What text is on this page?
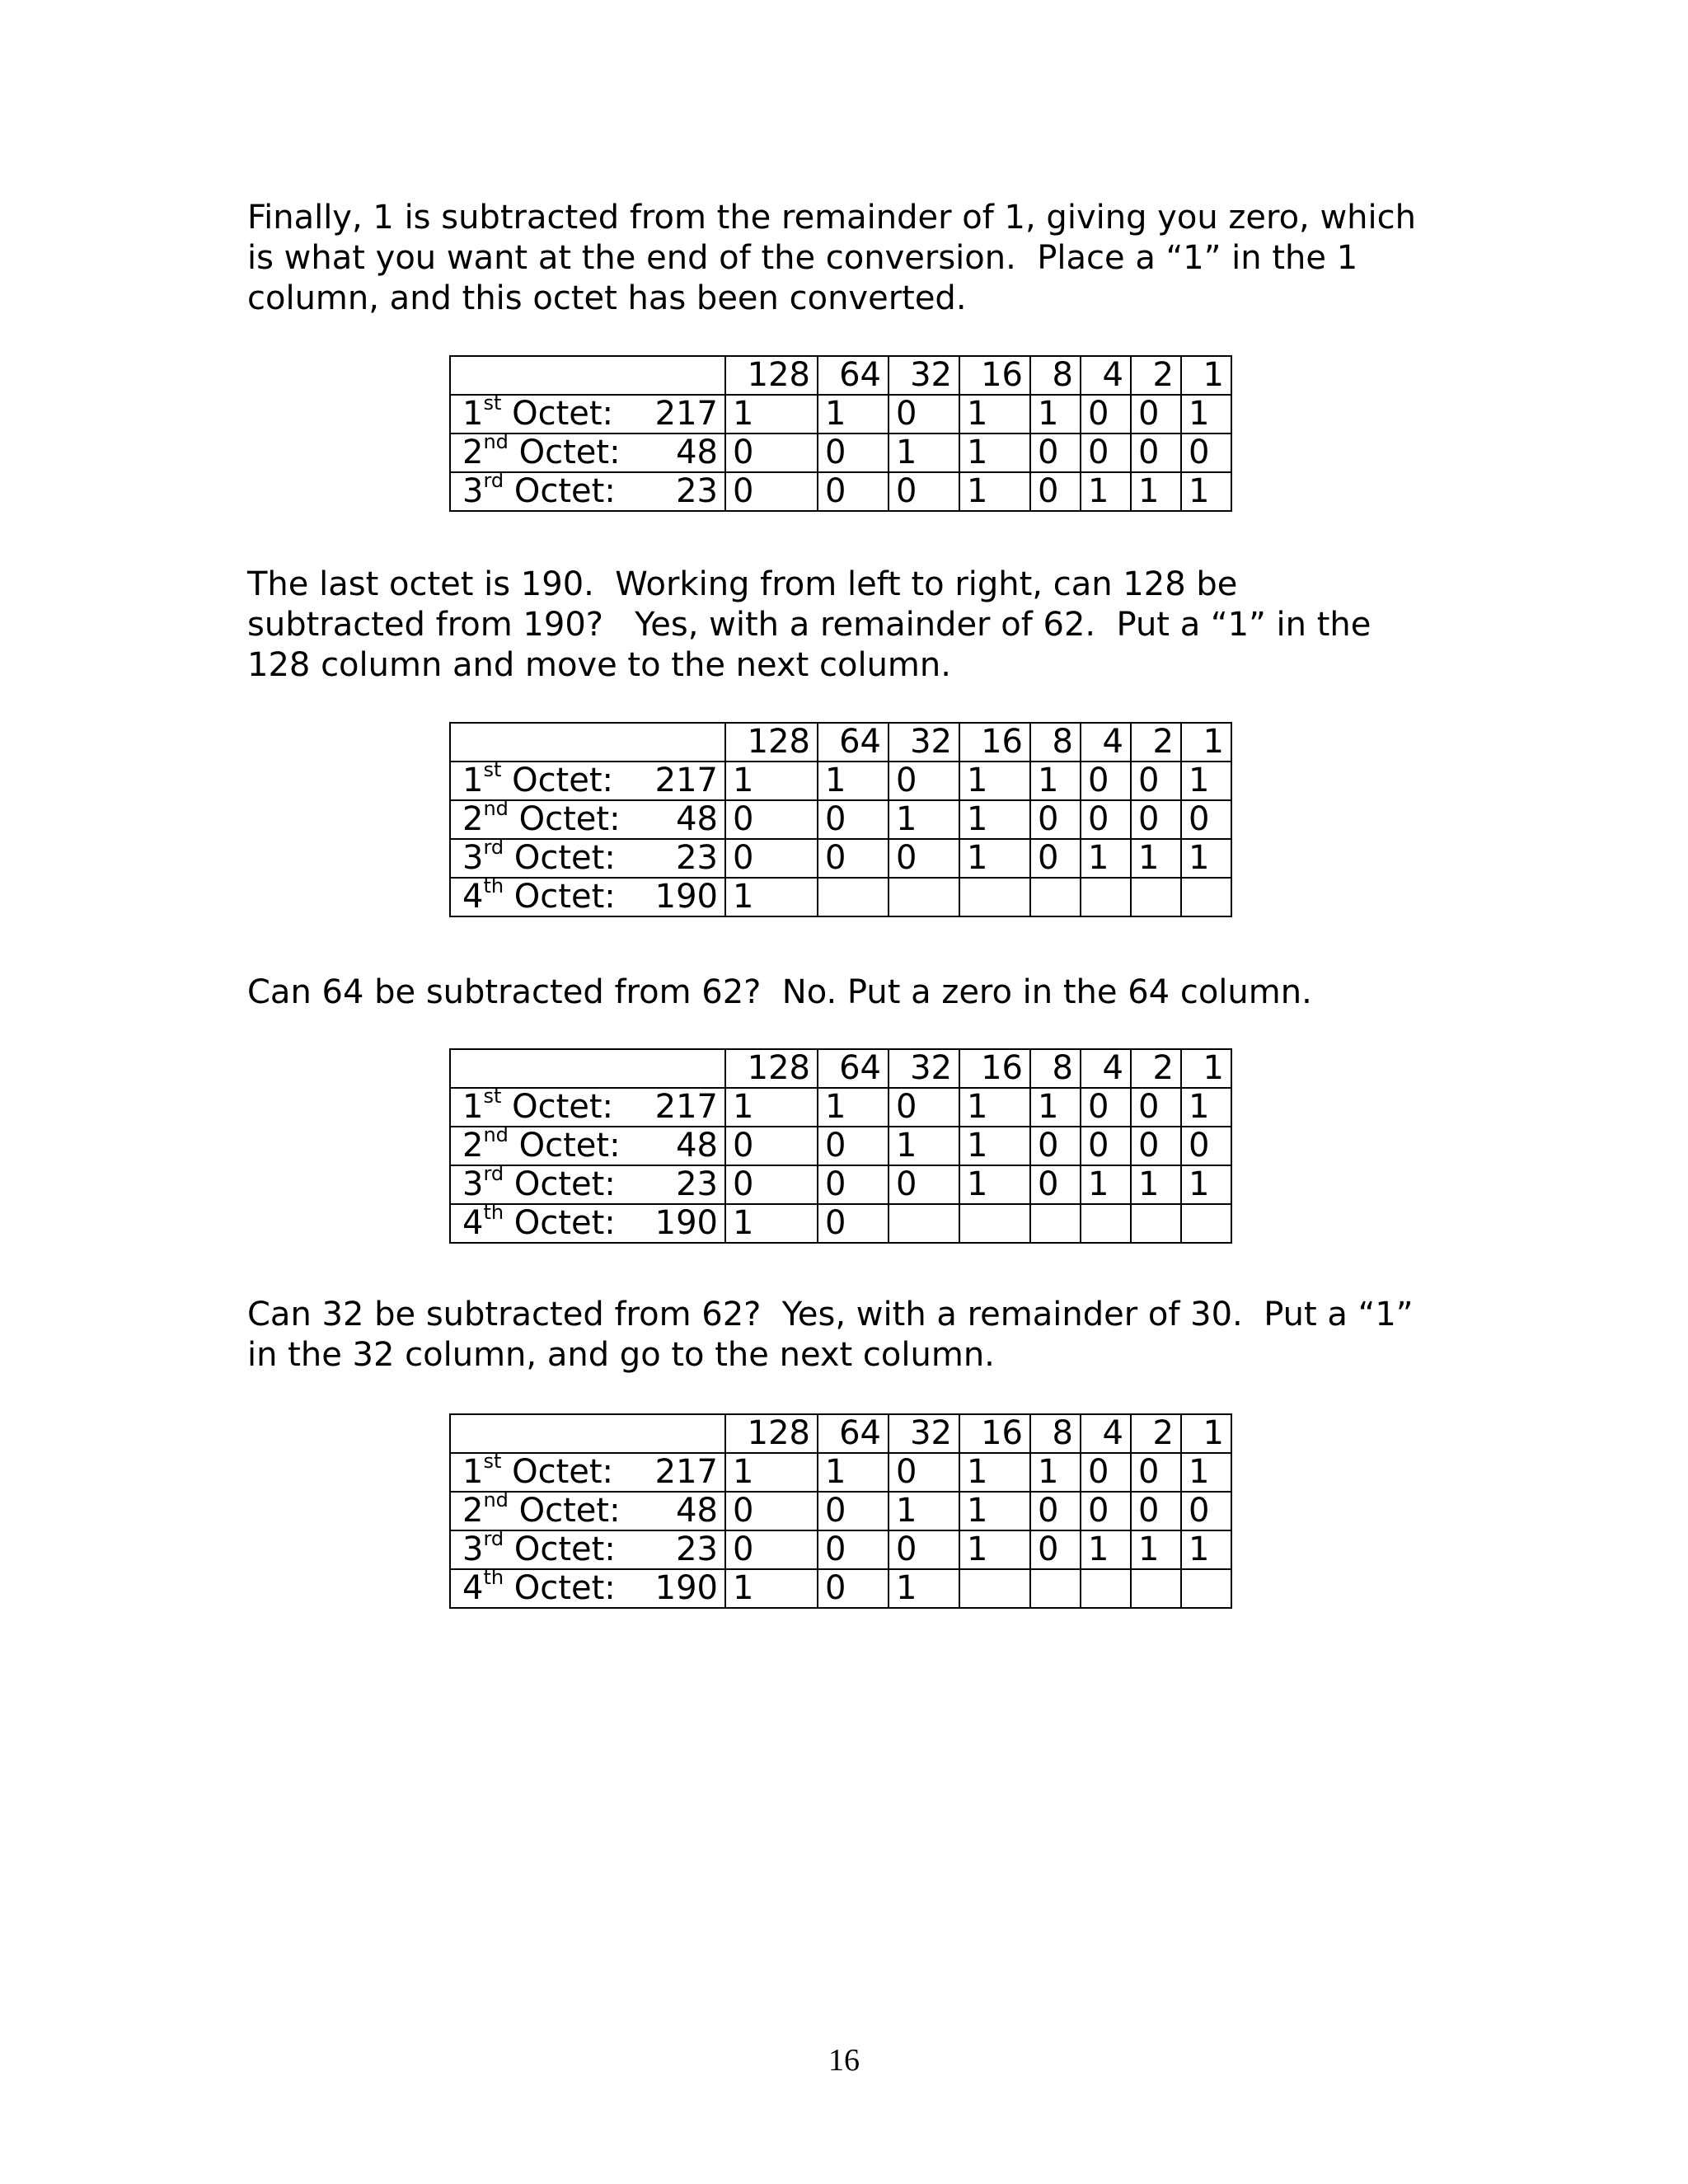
Finally, 1 is subtracted from the remainder of 1, giving you zero, which
is what you want at the end of the conversion.  Place a “1” in the 1
column, and this octet has been converted.

	128	64	32	16	8	4	2	1
1st Octet: 217	1	1	0	1	1	0	0	1
2nd Octet: 48	0	0	1	1	0	0	0	0
3rd Octet: 23	0	0	0	1	0	1	1	1

The last octet is 190.  Working from left to right, can 128 be
subtracted from 190?   Yes, with a remainder of 62.  Put a “1” in the
128 column and move to the next column.

	128	64	32	16	8	4	2	1
1st Octet: 217	1	1	0	1	1	0	0	1
2nd Octet: 48	0	0	1	1	0	0	0	0
3rd Octet: 23	0	0	0	1	0	1	1	1
4th Octet: 190	1							

Can 64 be subtracted from 62?  No. Put a zero in the 64 column.

	128	64	32	16	8	4	2	1
1st Octet: 217	1	1	0	1	1	0	0	1
2nd Octet: 48	0	0	1	1	0	0	0	0
3rd Octet: 23	0	0	0	1	0	1	1	1
4th Octet: 190	1	0						

Can 32 be subtracted from 62?  Yes, with a remainder of 30.  Put a “1”
in the 32 column, and go to the next column.

	128	64	32	16	8	4	2	1
1st Octet: 217	1	1	0	1	1	0	0	1
2nd Octet: 48	0	0	1	1	0	0	0	0
3rd Octet: 23	0	0	0	1	0	1	1	1
4th Octet: 190	1	0	1					
16
